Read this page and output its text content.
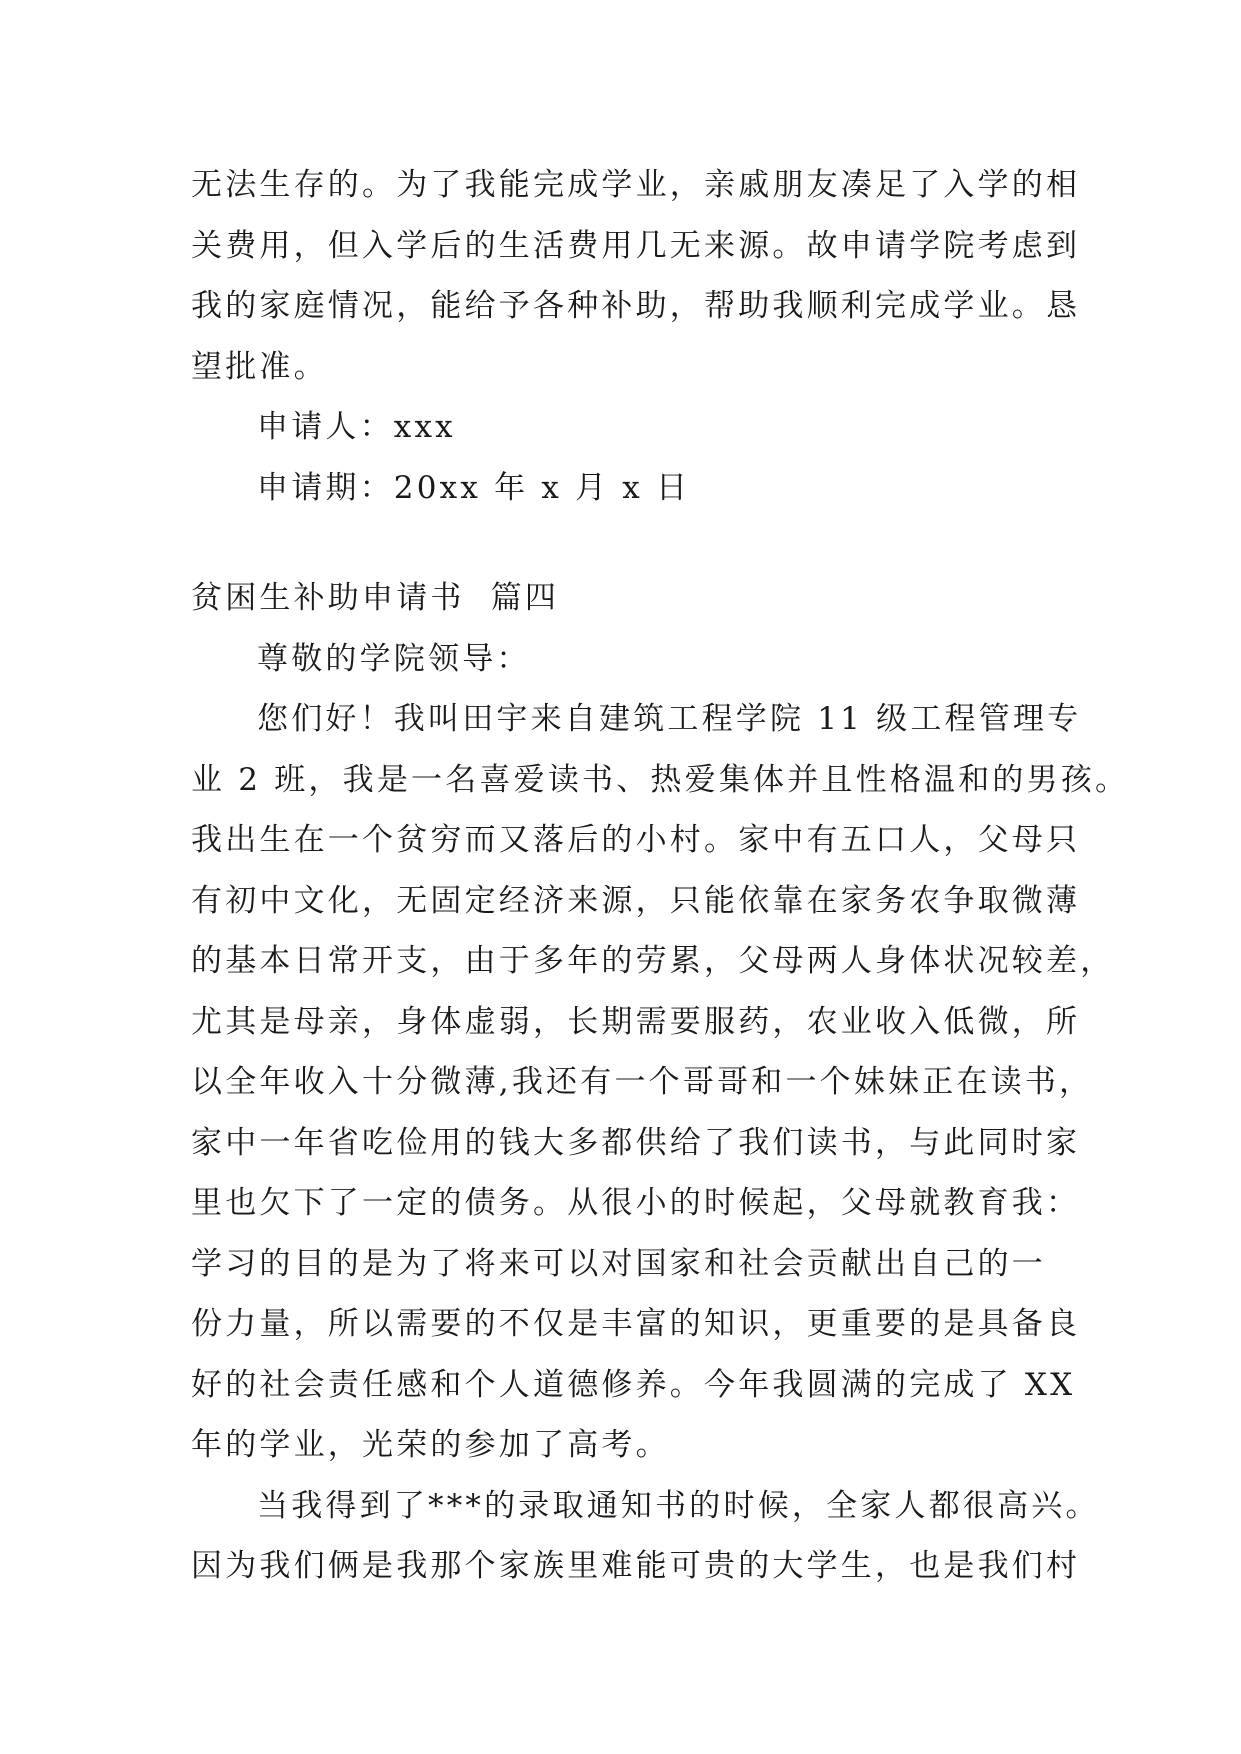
无法生存的。为了我能完成学业，亲戚朋友凑足了入学的相
关费用，但入学后的生活费用几无来源。故申请学院考虑到
我的家庭情况，能给予各种补助，帮助我顺利完成学业。恳
望批准。
申请人：xxx
申请期：20xx 年 x 月 x 日
贫困生补助申请书  篇四
尊敬的学院领导：
您们好！我叫田宇来自建筑工程学院 11 级工程管理专
业 2 班，我是一名喜爱读书、热爱集体并且性格温和的男孩。
我出生在一个贫穷而又落后的小村。家中有五口人，父母只
有初中文化，无固定经济来源，只能依靠在家务农争取微薄
的基本日常开支，由于多年的劳累，父母两人身体状况较差，
尤其是母亲，身体虚弱，长期需要服药，农业收入低微，所
以全年收入十分微薄,我还有一个哥哥和一个妹妹正在读书，
家中一年省吃俭用的钱大多都供给了我们读书，与此同时家
里也欠下了一定的债务。从很小的时候起，父母就教育我：
学习的目的是为了将来可以对国家和社会贡献出自己的一
份力量，所以需要的不仅是丰富的知识，更重要的是具备良
好的社会责任感和个人道德修养。今年我圆满的完成了 XX
年的学业，光荣的参加了高考。
当我得到了***的录取通知书的时候，全家人都很高兴。
因为我们俩是我那个家族里难能可贵的大学生，也是我们村
